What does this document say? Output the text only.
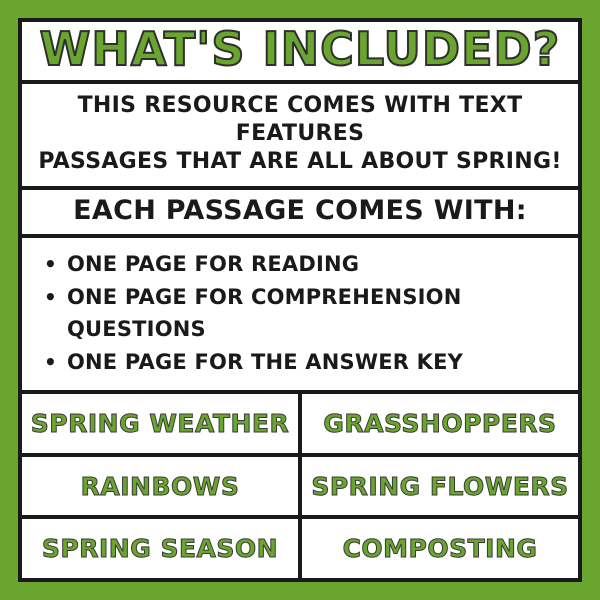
WHAT'S INCLUDED?
THIS RESOURCE COMES WITH TEXT FEATURES
PASSAGES THAT ARE ALL ABOUT SPRING!
EACH PASSAGE COMES WITH:
• ONE PAGE FOR READING
• ONE PAGE FOR COMPREHENSION QUESTIONS
• ONE PAGE FOR THE ANSWER KEY
SPRING WEATHER GRASSHOPPERS
RAINBOWS	SPRING FLOWERS
SPRING SEASON	COMPOSTING
